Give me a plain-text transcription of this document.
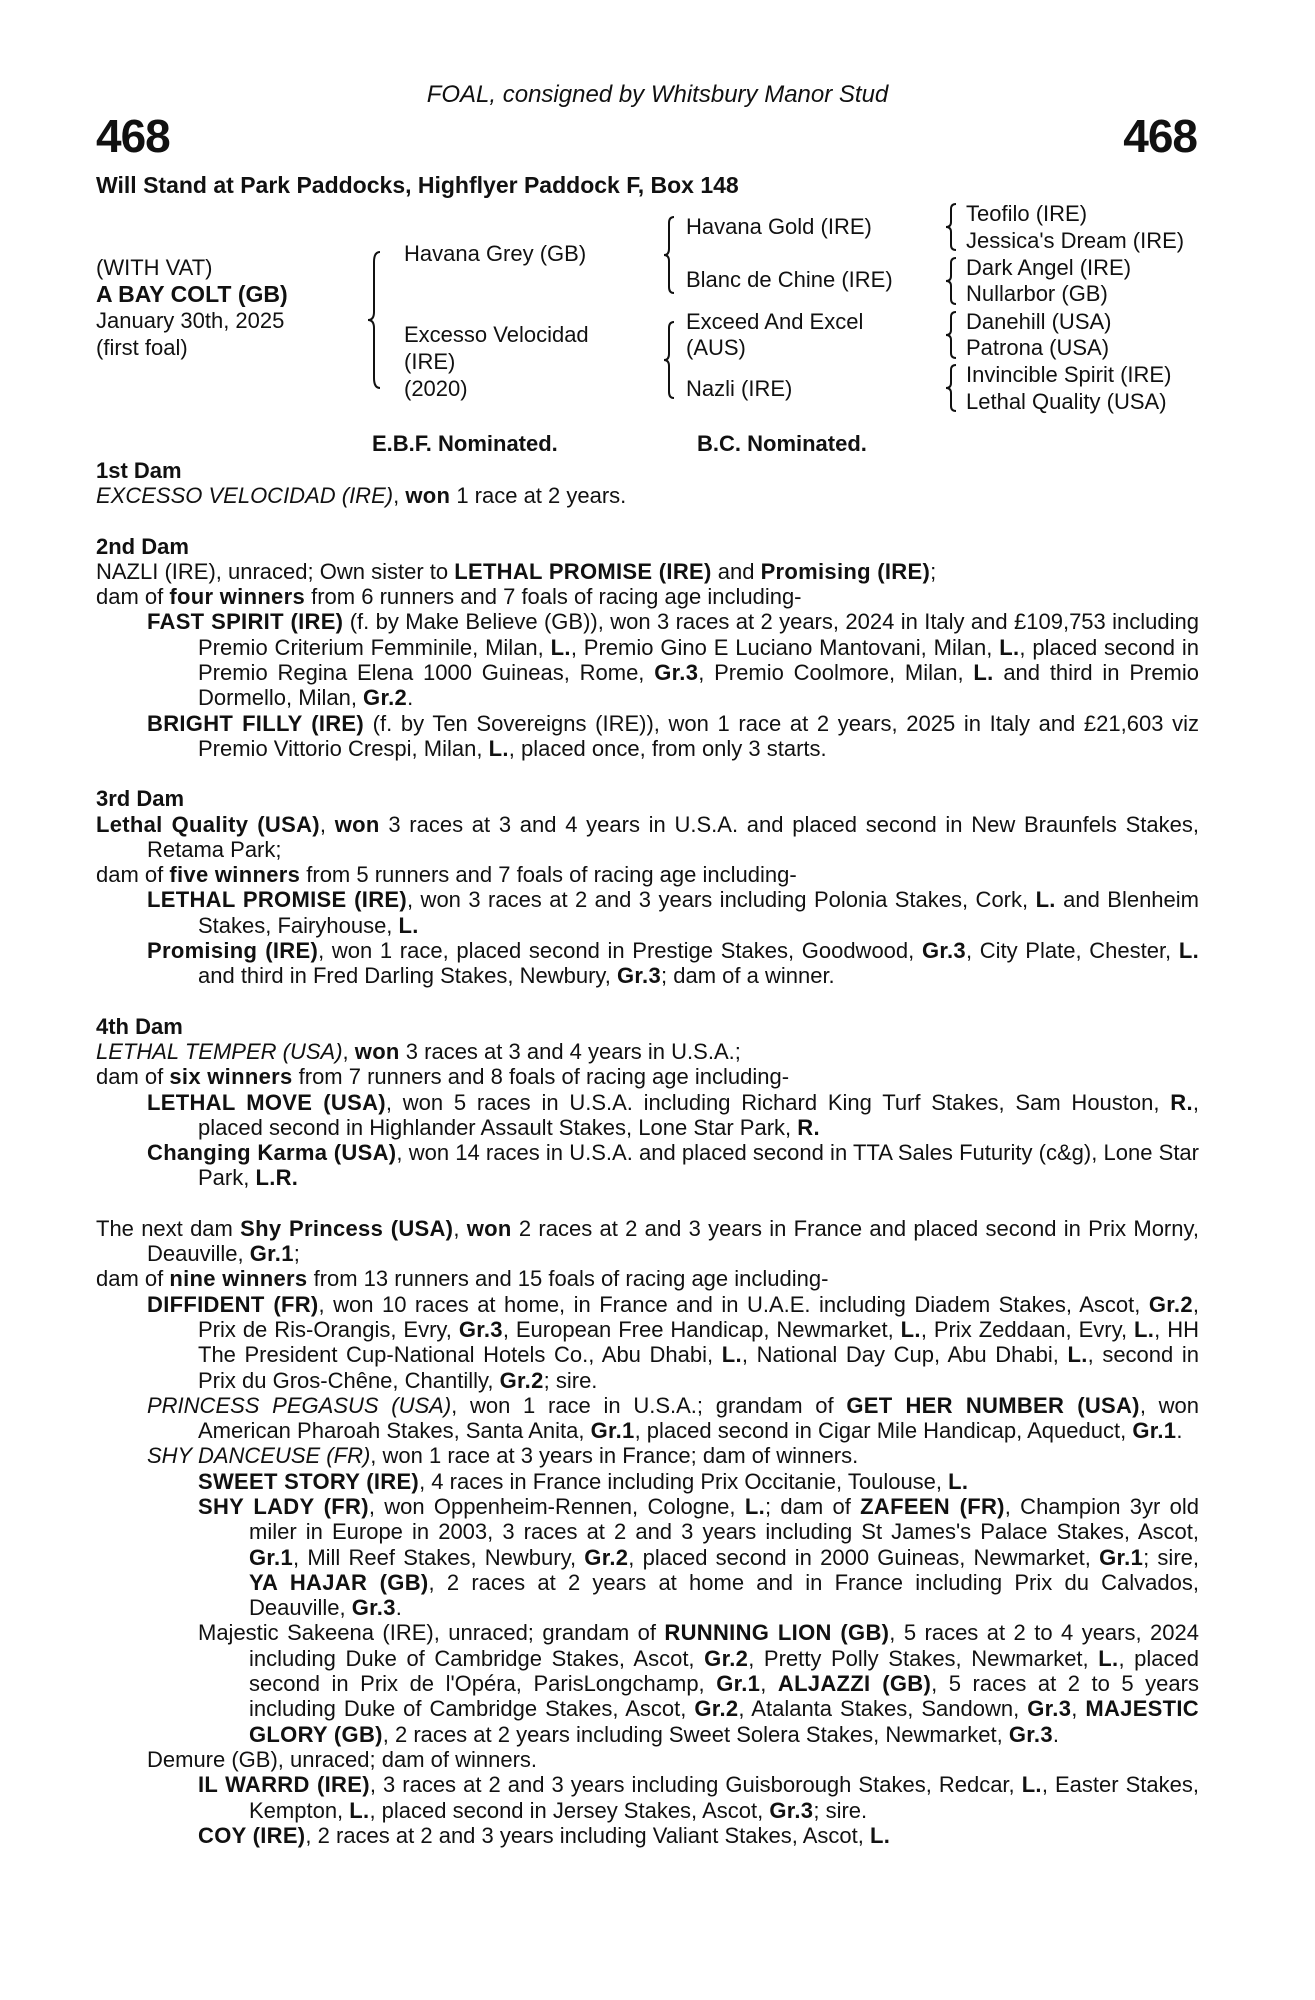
FOAL, consigned by Whitsbury Manor Stud
468	468
Will Stand at Park Paddocks, Highflyer Paddock F, Box 148
(WITH VAT)
A BAY COLT (GB)
January 30th, 2025
(first foal)
Havana Grey (GB)
Excesso Velocidad
(IRE)
(2020)
Havana Gold (IRE)
Blanc de Chine (IRE)
Exceed And Excel
(AUS)
Nazli (IRE)
Teofilo (IRE)
Jessica's Dream (IRE)
Dark Angel (IRE)
Nullarbor (GB)
Danehill (USA)
Patrona (USA)
Invincible Spirit (IRE)
Lethal Quality (USA)
E.B.F. Nominated.	B.C. Nominated.
1st Dam
EXCESSO VELOCIDAD (IRE), won 1 race at 2 years.
2nd Dam
NAZLI (IRE), unraced; Own sister to LETHAL PROMISE (IRE) and Promising (IRE);
dam of four winners from 6 runners and 7 foals of racing age including-
FAST SPIRIT (IRE) (f. by Make Believe (GB)), won 3 races at 2 years, 2024 in Italy and £109,753 including Premio Criterium Femminile, Milan, L., Premio Gino E Luciano Mantovani, Milan, L., placed second in Premio Regina Elena 1000 Guineas, Rome, Gr.3, Premio Coolmore, Milan, L. and third in Premio Dormello, Milan, Gr.2.
BRIGHT FILLY (IRE) (f. by Ten Sovereigns (IRE)), won 1 race at 2 years, 2025 in Italy and £21,603 viz Premio Vittorio Crespi, Milan, L., placed once, from only 3 starts.
3rd Dam
Lethal Quality (USA), won 3 races at 3 and 4 years in U.S.A. and placed second in New Braunfels Stakes, Retama Park;
dam of five winners from 5 runners and 7 foals of racing age including-
LETHAL PROMISE (IRE), won 3 races at 2 and 3 years including Polonia Stakes, Cork, L. and Blenheim Stakes, Fairyhouse, L.
Promising (IRE), won 1 race, placed second in Prestige Stakes, Goodwood, Gr.3, City Plate, Chester, L. and third in Fred Darling Stakes, Newbury, Gr.3; dam of a winner.
4th Dam
LETHAL TEMPER (USA), won 3 races at 3 and 4 years in U.S.A.;
dam of six winners from 7 runners and 8 foals of racing age including-
LETHAL MOVE (USA), won 5 races in U.S.A. including Richard King Turf Stakes, Sam Houston, R., placed second in Highlander Assault Stakes, Lone Star Park, R.
Changing Karma (USA), won 14 races in U.S.A. and placed second in TTA Sales Futurity (c&g), Lone Star Park, L.R.
The next dam Shy Princess (USA), won 2 races at 2 and 3 years in France and placed second in Prix Morny, Deauville, Gr.1;
dam of nine winners from 13 runners and 15 foals of racing age including-
DIFFIDENT (FR), won 10 races at home, in France and in U.A.E. including Diadem Stakes, Ascot, Gr.2, Prix de Ris-Orangis, Evry, Gr.3, European Free Handicap, Newmarket, L., Prix Zeddaan, Evry, L., HH The President Cup-National Hotels Co., Abu Dhabi, L., National Day Cup, Abu Dhabi, L., second in Prix du Gros-Chêne, Chantilly, Gr.2; sire.
PRINCESS PEGASUS (USA), won 1 race in U.S.A.; grandam of GET HER NUMBER (USA), won American Pharoah Stakes, Santa Anita, Gr.1, placed second in Cigar Mile Handicap, Aqueduct, Gr.1.
SHY DANCEUSE (FR), won 1 race at 3 years in France; dam of winners.
SWEET STORY (IRE), 4 races in France including Prix Occitanie, Toulouse, L.
SHY LADY (FR), won Oppenheim-Rennen, Cologne, L.; dam of ZAFEEN (FR), Champion 3yr old miler in Europe in 2003, 3 races at 2 and 3 years including St James's Palace Stakes, Ascot, Gr.1, Mill Reef Stakes, Newbury, Gr.2, placed second in 2000 Guineas, Newmarket, Gr.1; sire, YA HAJAR (GB), 2 races at 2 years at home and in France including Prix du Calvados, Deauville, Gr.3.
Majestic Sakeena (IRE), unraced; grandam of RUNNING LION (GB), 5 races at 2 to 4 years, 2024 including Duke of Cambridge Stakes, Ascot, Gr.2, Pretty Polly Stakes, Newmarket, L., placed second in Prix de l'Opéra, ParisLongchamp, Gr.1, ALJAZZI (GB), 5 races at 2 to 5 years including Duke of Cambridge Stakes, Ascot, Gr.2, Atalanta Stakes, Sandown, Gr.3, MAJESTIC GLORY (GB), 2 races at 2 years including Sweet Solera Stakes, Newmarket, Gr.3.
Demure (GB), unraced; dam of winners.
IL WARRD (IRE), 3 races at 2 and 3 years including Guisborough Stakes, Redcar, L., Easter Stakes, Kempton, L., placed second in Jersey Stakes, Ascot, Gr.3; sire.
COY (IRE), 2 races at 2 and 3 years including Valiant Stakes, Ascot, L.
